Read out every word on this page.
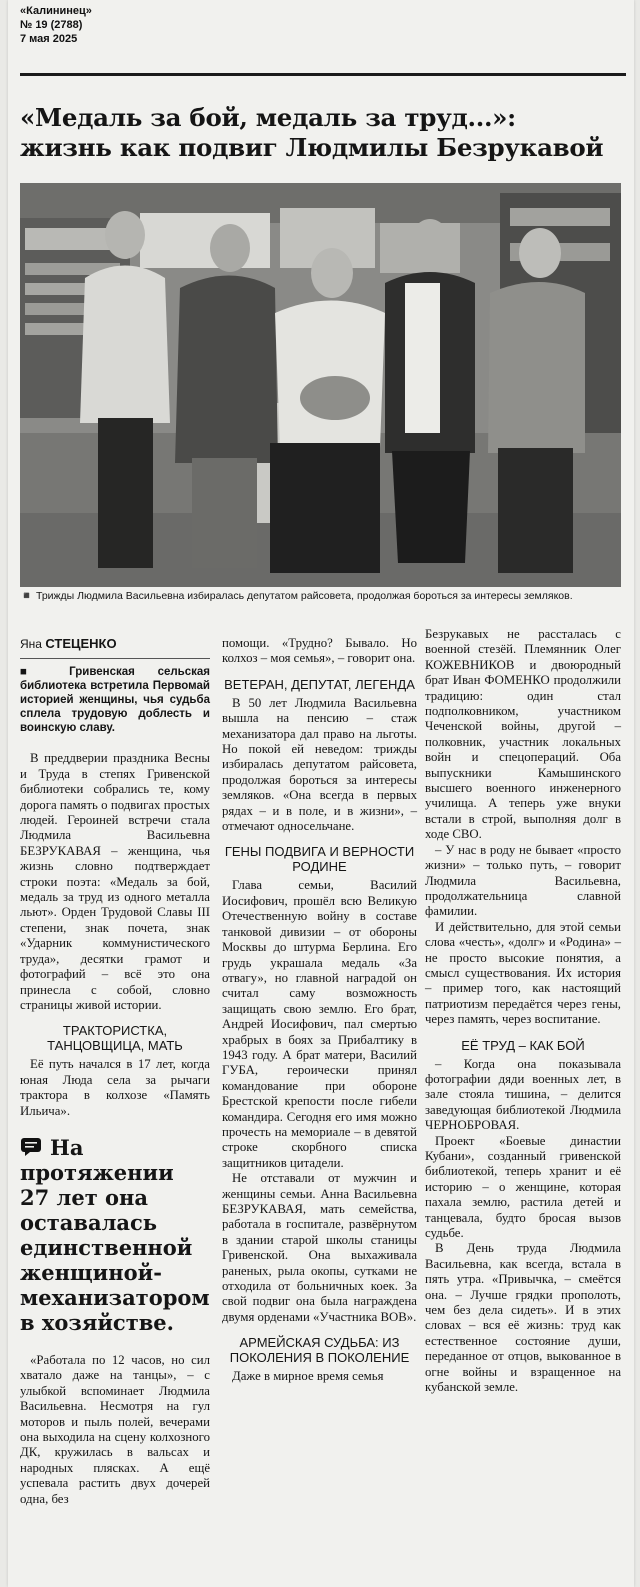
«Калининец»
№ 19 (2788)
7 мая 2025
«Медаль за бой, медаль за труд...»:
жизнь как подвиг Людмилы Безрукавой
◾ Трижды Людмила Васильевна избиралась депутатом райсовета, продолжая бороться за интересы земляков.

Яна СТЕЦЕНКО

■ Гривенская сельская библиотека встретила Первомай историей женщины, чья судьба сплела трудовую доблесть и воинскую славу.

В преддверии праздника Весны и Труда в степях Гривенской библиотеки собрались те, кому дорога память о подвигах простых людей. Героиней встречи стала Людмила Васильевна БЕЗРУКАВАЯ – женщина, чья жизнь словно подтверждает строки поэта: «Медаль за бой, медаль за труд из одного металла льют». Орден Трудовой Славы III степени, знак почета, знак «Ударник коммунистического труда», десятки грамот и фотографий – всё это она принесла с собой, словно страницы живой истории.

ТРАКТОРИСТКА, ТАНЦОВЩИЦА, МАТЬ

Её путь начался в 17 лет, когда юная Люда села за рычаги трактора в колхозе «Память Ильича».

На протяжении 27 лет она оставалась единственной женщиной-механизатором в хозяйстве.

«Работала по 12 часов, но сил хватало даже на танцы», – с улыбкой вспоминает Людмила Васильевна. Несмотря на гул моторов и пыль полей, вечерами она выходила на сцену колхозного ДК, кружилась в вальсах и народных плясках. А ещё успевала растить двух дочерей одна, без

помощи. «Трудно? Бывало. Но колхоз – моя семья», – говорит она.

ВЕТЕРАН, ДЕПУТАТ, ЛЕГЕНДА

В 50 лет Людмила Васильевна вышла на пенсию – стаж механизатора дал право на льготы. Но покой ей неведом: трижды избиралась депутатом райсовета, продолжая бороться за интересы земляков. «Она всегда в первых рядах – и в поле, и в жизни», – отмечают односельчане.

ГЕНЫ ПОДВИГА И ВЕРНОСТИ РОДИНЕ

Глава семьи, Василий Иосифович, прошёл всю Великую Отечественную войну в составе танковой дивизии – от обороны Москвы до штурма Берлина. Его грудь украшала медаль «За отвагу», но главной наградой он считал саму возможность защищать свою землю. Его брат, Андрей Иосифович, пал смертью храбрых в боях за Прибалтику в 1943 году. А брат матери, Василий ГУБА, героически принял командование при обороне Брестской крепости после гибели командира. Сегодня его имя можно прочесть на мемориале – в девятой строке скорбного списка защитников цитадели.

Не отставали от мужчин и женщины семьи. Анна Васильевна БЕЗРУКАВАЯ, мать семейства, работала в госпитале, развёрнутом в здании старой школы станицы Гривенской. Она выхаживала раненых, рыла окопы, сутками не отходила от больничных коек. За свой подвиг она была награждена двумя орденами «Участника ВОВ».

АРМЕЙСКАЯ СУДЬБА: ИЗ ПОКОЛЕНИЯ В ПОКОЛЕНИЕ

Даже в мирное время семья

Безрукавых не рассталась с военной стезёй. Племянник Олег КОЖЕВНИКОВ и двоюродный брат Иван ФОМЕНКО продолжили традицию: один стал подполковником, участником Чеченской войны, другой – полковник, участник локальных войн и спецопераций. Оба выпускники Камышинского высшего военного инженерного училища. А теперь уже внуки встали в строй, выполняя долг в ходе СВО.

– У нас в роду не бывает «просто жизни» – только путь, – говорит Людмила Васильевна, продолжательница славной фамилии.

И действительно, для этой семьи слова «честь», «долг» и «Родина» – не просто высокие понятия, а смысл существования. Их история – пример того, как настоящий патриотизм передаётся через гены, через память, через воспитание.

ЕЁ ТРУД – КАК БОЙ

– Когда она показывала фотографии дяди военных лет, в зале стояла тишина, – делится заведующая библиотекой Людмила ЧЕРНОБРОВАЯ.

Проект «Боевые династии Кубани», созданный гривенской библиотекой, теперь хранит и её историю – о женщине, которая пахала землю, растила детей и танцевала, будто бросая вызов судьбе.

В День труда Людмила Васильевна, как всегда, встала в пять утра. «Привычка, – смеётся она. – Лучше грядки прополоть, чем без дела сидеть». И в этих словах – вся её жизнь: труд как естественное состояние души, переданное от отцов, выкованное в огне войны и взращенное на кубанской земле.
